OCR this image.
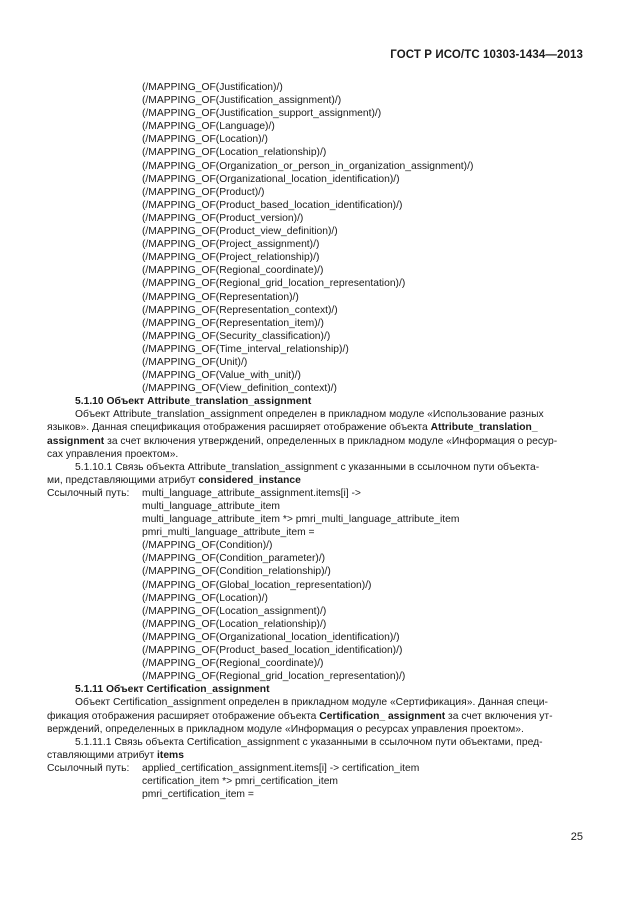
ГОСТ Р ИСО/ТС 10303-1434—2013
(/MAPPING_OF(Justification)/)
(/MAPPING_OF(Justification_assignment)/)
(/MAPPING_OF(Justification_support_assignment)/)
(/MAPPING_OF(Language)/)
(/MAPPING_OF(Location)/)
(/MAPPING_OF(Location_relationship)/)
(/MAPPING_OF(Organization_or_person_in_organization_assignment)/)
(/MAPPING_OF(Organizational_location_identification)/)
(/MAPPING_OF(Product)/)
(/MAPPING_OF(Product_based_location_identification)/)
(/MAPPING_OF(Product_version)/)
(/MAPPING_OF(Product_view_definition)/)
(/MAPPING_OF(Project_assignment)/)
(/MAPPING_OF(Project_relationship)/)
(/MAPPING_OF(Regional_coordinate)/)
(/MAPPING_OF(Regional_grid_location_representation)/)
(/MAPPING_OF(Representation)/)
(/MAPPING_OF(Representation_context)/)
(/MAPPING_OF(Representation_item)/)
(/MAPPING_OF(Security_classification)/)
(/MAPPING_OF(Time_interval_relationship)/)
(/MAPPING_OF(Unit)/)
(/MAPPING_OF(Value_with_unit)/)
(/MAPPING_OF(View_definition_context)/)
5.1.10 Объект Attribute_translation_assignment
Объект Attribute_translation_assignment определен в прикладном модуле «Использование разных
языков». Данная спецификация отображения расширяет отображение объекта Attribute_translation_
assignment за счет включения утверждений, определенных в прикладном модуле «Информация о ресур-
сах управления проектом».
5.1.10.1 Связь объекта Attribute_translation_assignment с указанными в ссылочном пути объекта-
ми, представляющими атрибут considered_instance
Ссылочный путь:	multi_language_attribute_assignment.items[i] ->
multi_language_attribute_item
multi_language_attribute_item *> pmri_multi_language_attribute_item
pmri_multi_language_attribute_item =
(/MAPPING_OF(Condition)/)
(/MAPPING_OF(Condition_parameter)/)
(/MAPPING_OF(Condition_relationship)/)
(/MAPPING_OF(Global_location_representation)/)
(/MAPPING_OF(Location)/)
(/MAPPING_OF(Location_assignment)/)
(/MAPPING_OF(Location_relationship)/)
(/MAPPING_OF(Organizational_location_identification)/)
(/MAPPING_OF(Product_based_location_identification)/)
(/MAPPING_OF(Regional_coordinate)/)
(/MAPPING_OF(Regional_grid_location_representation)/)
5.1.11 Объект Certification_assignment
Объект Certification_assignment определен в прикладном модуле «Сертификация». Данная специ-
фикация отображения расширяет отображение объекта Certification_ assignment за счет включения ут-
верждений, определенных в прикладном модуле «Информация о ресурсах управления проектом».
5.1.11.1 Связь объекта Certification_assignment с указанными в ссылочном пути объектами, пред-
ставляющими атрибут items
Ссылочный путь:	applied_certification_assignment.items[i] -> certification_item
certification_item *> pmri_certification_item
pmri_certification_item =
25
